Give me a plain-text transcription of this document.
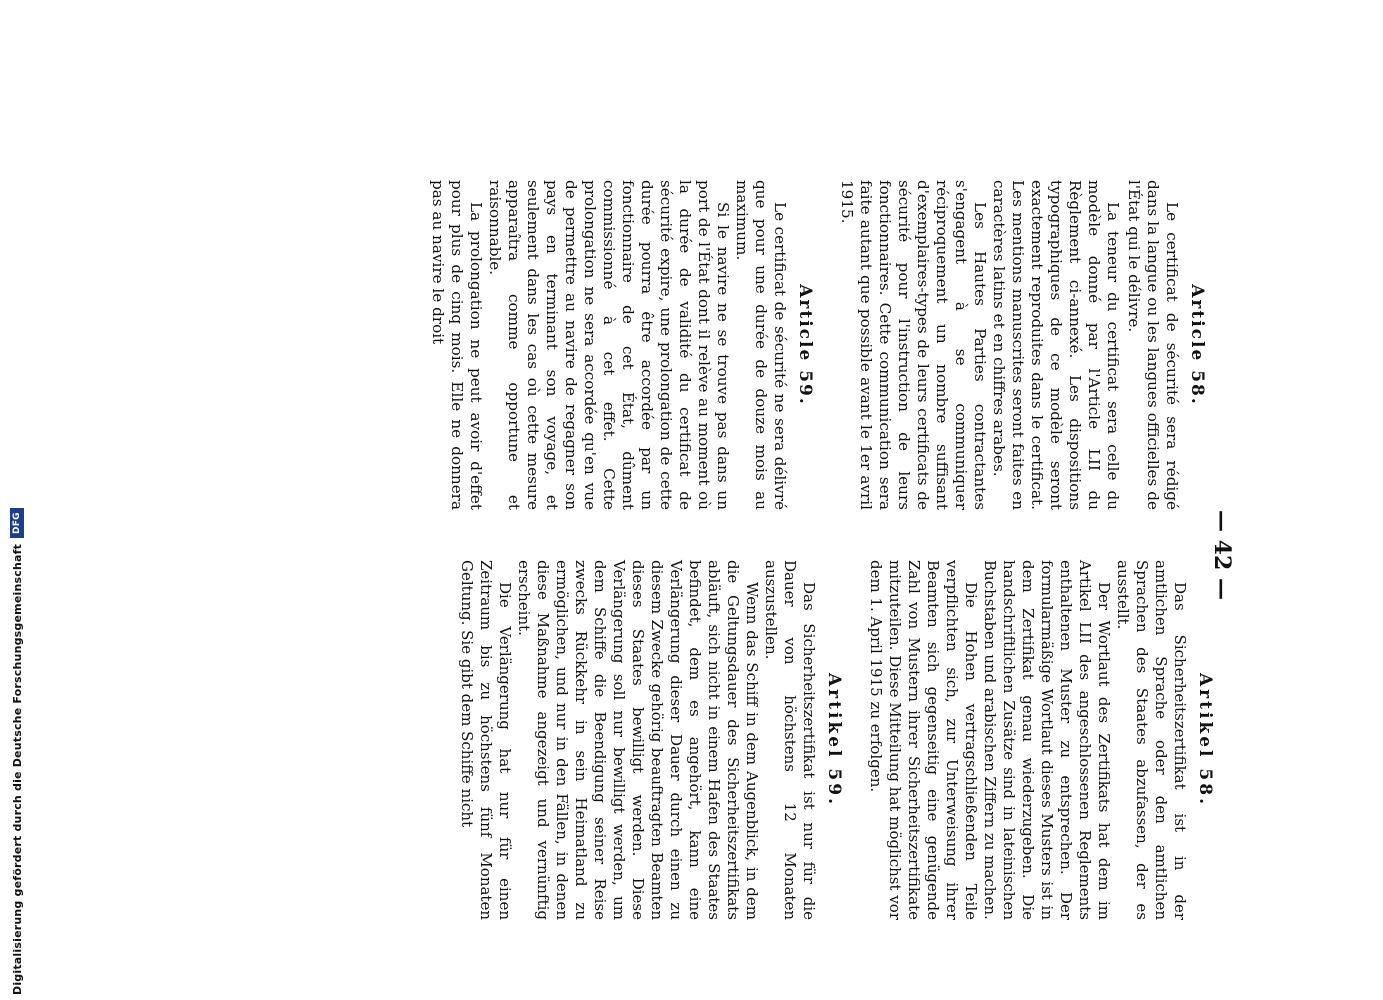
— 42 —
Article 58.

Le certificat de sécurité sera rédigé dans la langue ou les langues officielles de l'État qui le délivre.

La teneur du certificat sera celle du modèle donné par l'Article LII du Règlement ci-annexé. Les dispositions typographiques de ce modèle seront exactement reproduites dans le certificat. Les mentions manuscrites seront faites en caractères latins et en chiffres arabes.

Les Hautes Parties contractantes s'engagent à se communiquer réciproquement un nombre suffisant d'exemplaires-types de leurs certificats de sécurité pour l'instruction de leurs fonctionnaires. Cette communication sera faite autant que possible avant le 1er avril 1915.

Article 59.

Le certificat de sécurité ne sera délivré que pour une durée de douze mois au maximum.

Si le navire ne se trouve pas dans un port de l'État dont il relève au moment où la durée de validité du certificat de sécurité expire, une prolongation de cette durée pourra être accordée par un fonctionnaire de cet État, dûment commissionné à cet effet. Cette prolongation ne sera accordée qu'en vue de permettre au navire de regagner son pays en terminant son voyage, et seulement dans les cas où cette mesure apparaîtra comme opportune et raisonnable.

La prolongation ne peut avoir d'effet pour plus de cinq mois. Elle ne donnera pas au navire le droit

Artikel 58.

Das Sicherheitszertifikat ist in der amtlichen Sprache oder den amtlichen Sprachen des Staates abzufassen, der es ausstellt.

Der Wortlaut des Zertifikats hat dem im Artikel LII des angeschlossenen Reglements enthaltenen Muster zu entsprechen. Der formularmäßige Wortlaut dieses Musters ist in dem Zertifikat genau wiederzugeben. Die handschriftlichen Zusätze sind in lateinischen Buchstaben und arabischen Ziffern zu machen.

Die Hohen vertragschließenden Teile verpflichten sich, zur Unterweisung ihrer Beamten sich gegenseitig eine genügende Zahl von Mustern ihrer Sicherheitszertifikate mitzuteilen. Diese Mitteilung hat möglichst vor dem 1. April 1915 zu erfolgen.

Artikel 59.

Das Sicherheitszertifikat ist nur für die Dauer von höchstens 12 Monaten auszustellen.

Wenn das Schiff in dem Augenblick, in dem die Geltungsdauer des Sicherheitszertifikats abläuft, sich nicht in einem Hafen des Staates befindet, dem es angehört, kann eine Verlängerung dieser Dauer durch einen zu diesem Zwecke gehörig beauftragten Beamten dieses Staates bewilligt werden. Diese Verlängerung soll nur bewilligt werden, um dem Schiffe die Beendigung seiner Reise zwecks Rückkehr in sein Heimatland zu ermöglichen, und nur in den Fällen, in denen diese Maßnahme angezeigt und vernünftig erscheint.

Die Verlängerung hat nur für einen Zeitraum bis zu höchstens fünf Monaten Geltung. Sie gibt dem Schiffe nicht

Digitalisierung gefördert durch die Deutsche Forschungsgemeinschaft
DFG
